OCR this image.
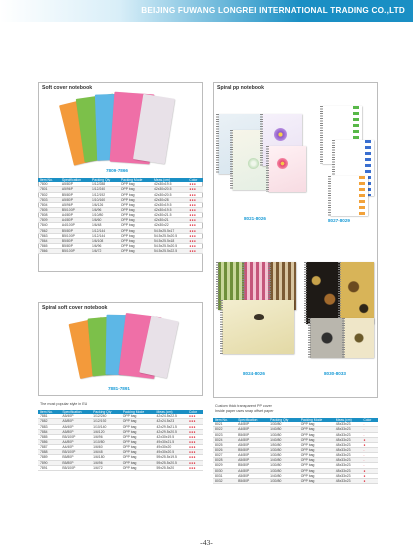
BEIJING FUWANG LONGREI INTERNATIONAL TRADING CO.,LTD
Soft cover notebook
7809-7866
Item No.	Specification	Packing Qty	Packing Mode	Meas.(cm)	Color
7800	A5/80P	1/12/288	OPP bag	42x30x19.5	●●●
7801	A5/96P	1/12/240	OPP bag	42x30x20.5	●●●
7802	B5/80P	1/12/192	OPP bag	42x30x20.5	●●●
7803	A5/80P	1/10/160	OPP bag	42x30x28	●●●
7804	A5/96P	1/6/126	OPP bag	42x30x19.5	●●●
7805	B5/100P	1/6/96	OPP bag	42x30x19.5	●●●
7808	A4/80P	1/10/80	OPP bag	42x30x21.5	●●●
7809	A4/80P	1/6/60	OPP bag	42x30x21	●●●
7840	A4/100P	1/6/48	OPP bag	42x30x22	●●●
7862	B5/80P	1/12/144	OPP bag	54.5x25.5x17	●●●
7863	B5/100P	1/12/144	OPP bag	54.5x25.5x20.5	●●●
7864	B5/80P	1/6/108	OPP bag	54.5x25.5x18	●●●
7865	B5/80P	1/6/96	OPP bag	54.5x25.5x20.5	●●●
7866	B5/100P	1/6/72	OPP bag	54.5x25.5x22.5	●●●
Spiral soft cover notebook
7881-7891
The most popular style in EU
Item No.	Specification	Packing Qty	Packing Mode	Meas.(cm)	Color
7881	A5/40P	1/12/240	OPP bag	42x24.5x22.5	●●●
7882	A5/80P	1/12/192	OPP bag	42x24.5x23	●●●
7883	A5/40P	1/10/140	OPP bag	42x29.5x21.5	●●●
7884	A5/80P	1/6/120	OPP bag	42x29.5x20.5	●●●
7885	B5/100P	1/6/96	OPP bag	42x30x19.5	●●●
7886	A4/80P	1/10/80	OPP bag	49x30x21.5	●●●
7887	A4/40P	1/6/60	OPP bag	49x30x20	●●●
7888	B5/100P	1/6/48	OPP bag	49x30x20.5	●●●
7889	B5/80P	1/6/180	OPP bag	59x25.5x19.5	●●●
7890	B5/80P	1/6/96	OPP bag	59x25.5x20.5	●●●
7891	B5/100P	1/6/72	OPP bag	59x25.5x20	●●●
Spiral pp notebook
8021-8026	8027-8029
8024-8026	8030-8033
Custom thick transparent PP cover
Inside paper uses snap offset paper
Item No.	Specification	Packing Qty	Packing Mode	Meas.(cm)	Color
8021	A4/80P	1/30/80	OPP bag	48x33x23	-
8022	A4/80P	1/40/80	OPP bag	48x33x23	-
8023	B5/80P	1/30/80	OPP bag	48x33x23	-
8024	A4/80P	1/40/80	OPP bag	48x33x23	●
8025	A5/80P	1/50/80	OPP bag	48x33x23	●
8026	B5/80P	1/30/80	OPP bag	48x33x23	-
8027	A4/80P	1/30/80	OPP bag	48x33x23	-
8028	A5/80P	1/40/80	OPP bag	48x33x23	-
8029	B5/80P	1/30/80	OPP bag	48x33x23	-
8030	A4/80P	1/30/80	OPP bag	48x33x23	●
8031	A5/80P	1/40/80	OPP bag	48x33x23	●
8032	B5/80P	1/30/80	OPP bag	48x33x23	●
-43-
